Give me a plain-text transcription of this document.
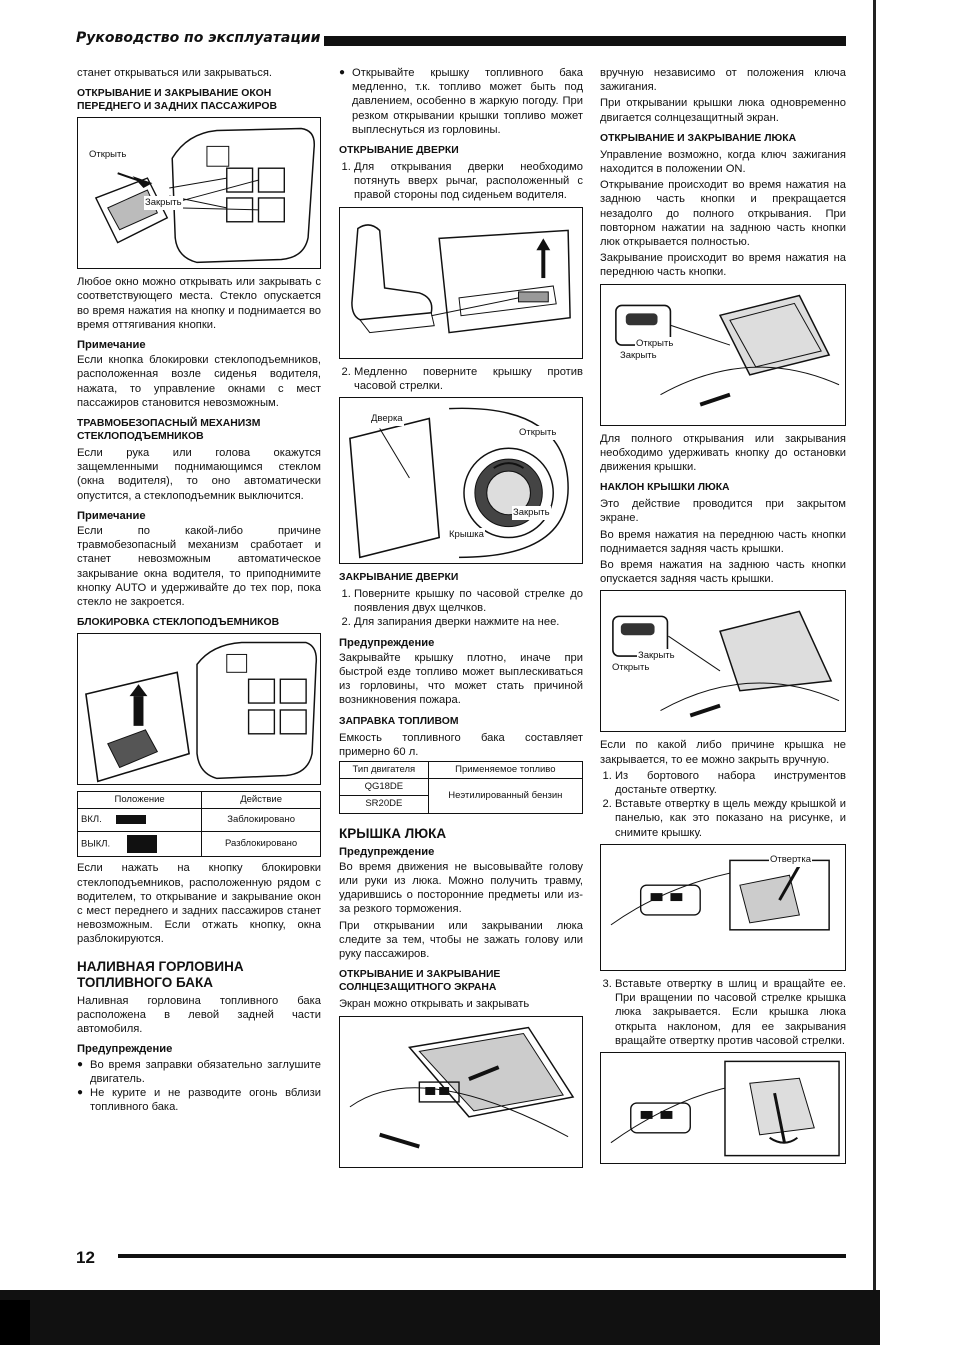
Руководство по эксплуатации

станет открываться или закрываться.

ОТКРЫВАНИЕ И ЗАКРЫВАНИЕ ОКОН ПЕРЕДНЕГО И ЗАДНИХ ПАССАЖИРОВ
Открыть
Закрыть

Любое окно можно открывать или закрывать с соответствующего места. Стекло опускается во время нажатия на кнопку и поднимается во время оттягивания кнопки.

Примечание

Если кнопка блокировки стеклоподъемников, расположенная возле сиденья водителя, нажата, то управление окнами с мест пассажиров становится невозможным.

ТРАВМОБЕЗОПАСНЫЙ МЕХАНИЗМ СТЕКЛОПОДЪЕМНИКОВ

Если рука или голова окажутся защемленными поднимающимся стеклом (окна водителя), то оно автоматически опустится, а стеклоподъемник выключится.

Примечание

Если по какой-либо причине травмобезопасный механизм сработает и станет невозможным автоматическое закрывание окна водителя, то приподнимите кнопку AUTO и удерживайте до тех пор, пока стекло не закроется.

БЛОКИРОВКА СТЕКЛОПОДЪЕМНИКОВ
Положение	Действие
ВКЛ.	Заблокировано
ВЫКЛ.	Разблокировано

Если нажать на кнопку блокировки стеклоподъемников, расположенную рядом с водителем, то открывание и закрывание окон с мест переднего и задних пассажиров станет невозможным. Если отжать кнопку, окна разблокируются.

НАЛИВНАЯ ГОРЛОВИНА ТОПЛИВНОГО БАКА

Наливная горловина топливного бака расположена в левой задней части автомобиля.

Предупреждение
● Во время заправки обязательно заглушите двигатель.
● Не курите и не разводите огонь вблизи топливного бака.
● Открывайте крышку топливного бака медленно, т.к. топливо может быть под давлением, особенно в жаркую погоду. При резком открывании крышки топливо может выплеснуться из горловины.
ОТКРЫВАНИЕ ДВЕРКИ
1. Для открывания дверки необходимо потянуть вверх рычаг, расположенный с правой стороны под сиденьем водителя.
2. Медленно поверните крышку против часовой стрелки.
Дверка
Открыть
Закрыть
Крышка
ЗАКРЫВАНИЕ ДВЕРКИ
1. Поверните крышку по часовой стрелке до появления двух щелчков.
2. Для запирания дверки нажмите на нее.
Предупреждение

Закрывайте крышку плотно, иначе при быстрой езде топливо может выплескиваться из горловины, что может стать причиной возникновения пожара.

ЗАПРАВКА ТОПЛИВОМ

Емкость топливного бака составляет примерно 60 л.

Тип двигателя	Применяемое топливо
QG18DE	Неэтилированный бензин
SR20DE	
КРЫШКА ЛЮКА
Предупреждение

Во время движения не высовывайте голову или руки из люка. Можно получить травму, ударившись о посторонние предметы или из-за резкого торможения.

При открывании или закрывании люка следите за тем, чтобы не зажать голову или руку пассажиров.

ОТКРЫВАНИЕ И ЗАКРЫВАНИЕ СОЛНЦЕЗАЩИТНОГО ЭКРАНА

Экран можно открывать и закрывать

вручную независимо от положения ключа зажигания.

При открывании крышки люка одновременно двигается солнцезащитный экран.

ОТКРЫВАНИЕ И ЗАКРЫВАНИЕ ЛЮКА

Управление возможно, когда ключ зажигания находится в положении ON.

Открывание происходит во время нажатия на заднюю часть кнопки и прекращается незадолго до полного открывания. При повторном нажатии на заднюю часть кнопки люк открывается полностью.

Закрывание происходит во время нажатия на переднюю часть кнопки.

Открыть
Закрыть

Для полного открывания или закрывания необходимо удерживать кнопку до остановки движения крышки.

НАКЛОН КРЫШКИ ЛЮКА

Это действие проводится при закрытом экране.

Во время нажатия на переднюю часть кнопки поднимается задняя часть крышки.

Во время нажатия на заднюю часть кнопки опускается задняя часть крышки.

Закрыть
Открыть

Если по какой либо причине крышка не закрывается, то ее можно закрыть вручную.

1. Из бортового набора инструментов достаньте отвертку.
2. Вставьте отвертку в щель между крышкой и панелью, как это показано на рисунке, и снимите крышку.
Отвертка
3. Вставьте отвертку в шлиц и вращайте ее. При вращении по часовой стрелке крышка люка закрывается. Если крышка люка открыта наклоном, для ее закрывания вращайте отвертку против часовой стрелки.
12
